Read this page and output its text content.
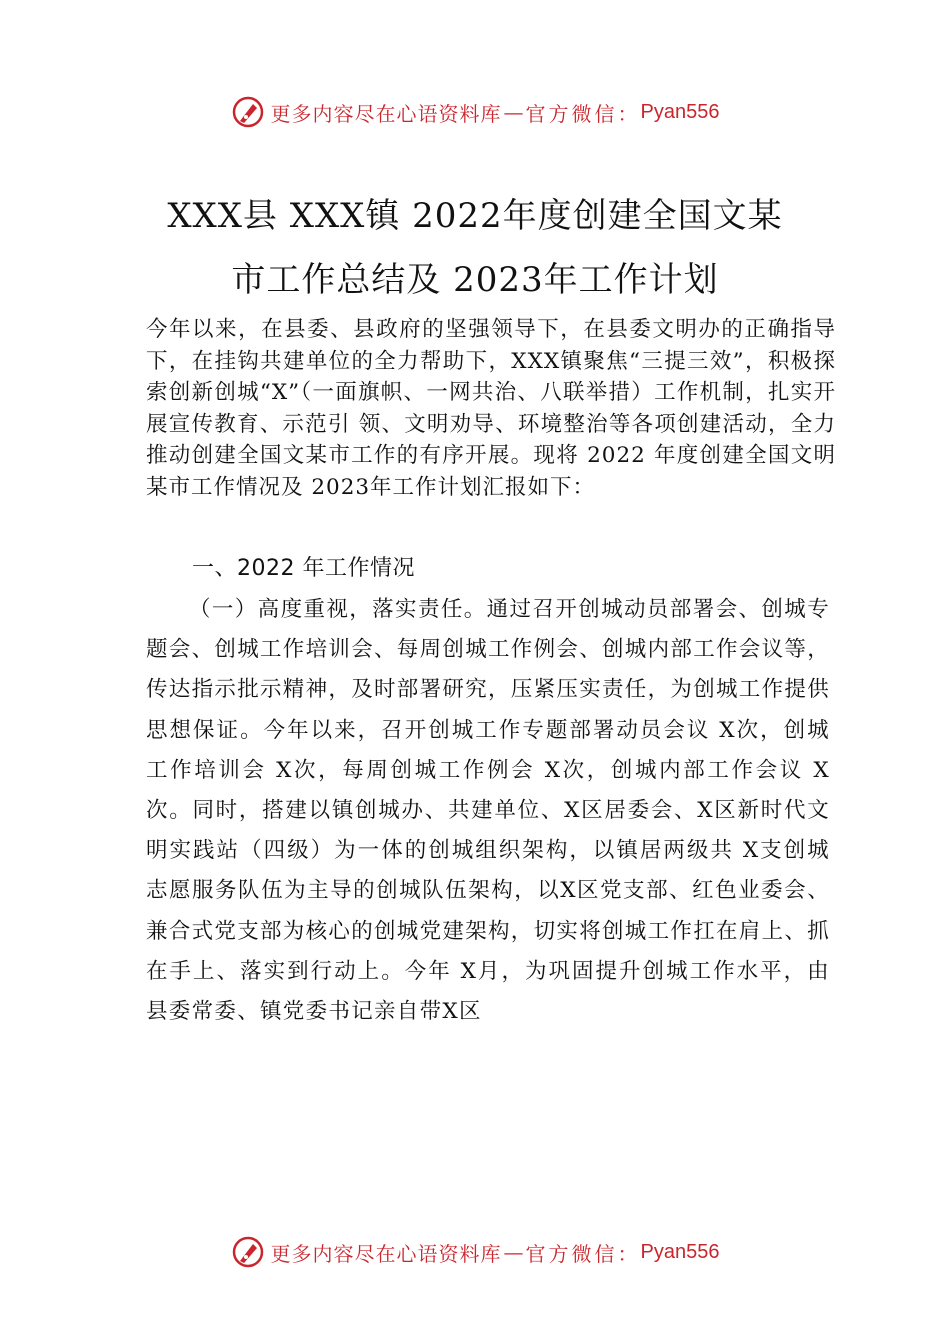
更多内容尽在心语资料库 — 官方微信： Pyan556
XXX县 XXX镇 2022年度创建全国文某
市工作总结及 2023年工作计划
今年以来，在县委、县政府的坚强领导下，在县委文明办的正确指导下，在挂钩共建单位的全力帮助下，XXX镇聚焦“三提三效”，积极探索创新创城“X”（一面旗帜、一网共治、八联举措）工作机制，扎实开展宣传教育、示范引 领、文明劝导、环境整治等各项创建活动，全力推动创建全国文某市工作的有序开展。现将 2022 年度创建全国文明某市工作情况及 2023年工作计划汇报如下：
一、2022 年工作情况
（一）高度重视，落实责任。通过召开创城动员部署会、创城专题会、创城工作培训会、每周创城工作例会、创城内部工作会议等，传达指示批示精神，及时部署研究，压紧压实责任，为创城工作提供思想保证。今年以来，召开创城工作专题部署动员会议 X次，创城工作培训会 X次，每周创城工作例会 X次，创城内部工作会议 X次。同时，搭建以镇创城办、共建单位、X区居委会、X区新时代文明实践站（四级）为一体的创城组织架构，以镇居两级共 X支创城志愿服务队伍为主导的创城队伍架构，以X区党支部、红色业委会、兼合式党支部为核心的创城党建架构，切实将创城工作扛在肩上、抓在手上、落实到行动上。今年 X月，为巩固提升创城工作水平，由县委常委、镇党委书记亲自带X区
更多内容尽在心语资料库 — 官方微信： Pyan556
